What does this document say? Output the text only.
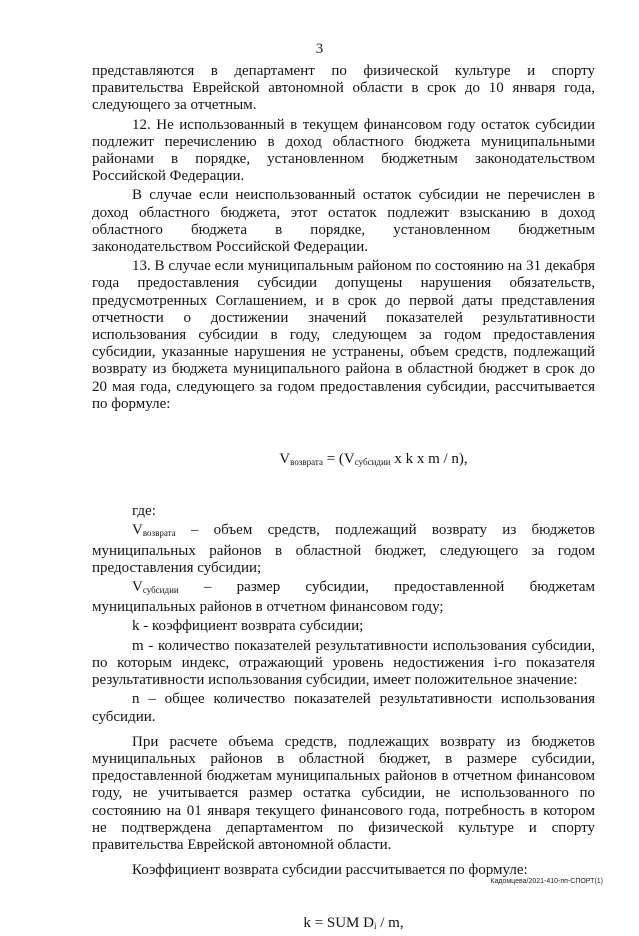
3

представляются в департамент по физической культуре и спорту правительства Еврейской автономной области в срок до 10 января года, следующего за отчетным.

12. Не использованный в текущем финансовом году остаток субсидии подлежит перечислению в доход областного бюджета муниципальными районами в порядке, установленном бюджетным законодательством Российской Федерации.

В случае если неиспользованный остаток субсидии не перечислен в доход областного бюджета, этот остаток подлежит взысканию в доход областного бюджета в порядке, установленном бюджетным законодательством Российской Федерации.

13. В случае если муниципальным районом по состоянию на 31 декабря года предоставления субсидии допущены нарушения обязательств, предусмотренных Соглашением, и в срок до первой даты представления отчетности о достижении значений показателей результативности использования субсидии в году, следующем за годом предоставления субсидии, указанные нарушения не устранены, объем средств, подлежащий возврату из бюджета муниципального района в областной бюджет в срок до 20 мая года, следующего за годом предоставления субсидии, рассчитывается по формуле:

$V_{возврата} = (V_{субсидии}$ x k x m / n),

где:

Vвозврата – объем средств, подлежащий возврату из бюджетов муниципальных районов в областной бюджет, следующего за годом предоставления субсидии;

Vсубсидии – размер субсидии, предоставленной бюджетам муниципальных районов в отчетном финансовом году;

k - коэффициент возврата субсидии;

m - количество показателей результативности использования субсидии, по которым индекс, отражающий уровень недостижения i-го показателя результативности использования субсидии, имеет положительное значение:

n – общее количество показателей результативности использования субсидии.

При расчете объема средств, подлежащих возврату из бюджетов муниципальных районов в областной бюджет, в размере субсидии, предоставленной бюджетам муниципальных районов в отчетном финансовом году, не учитывается размер остатка субсидии, не использованного по состоянию на 01 января текущего финансового года, потребность в котором не подтверждена департаментом по физической культуре и спорту правительства Еврейской автономной области.

Коэффициент возврата субсидии рассчитывается по формуле:

k = SUM $D_i$ / m,

Кадомцева/2021-410-пп-СПОРТ(1)
